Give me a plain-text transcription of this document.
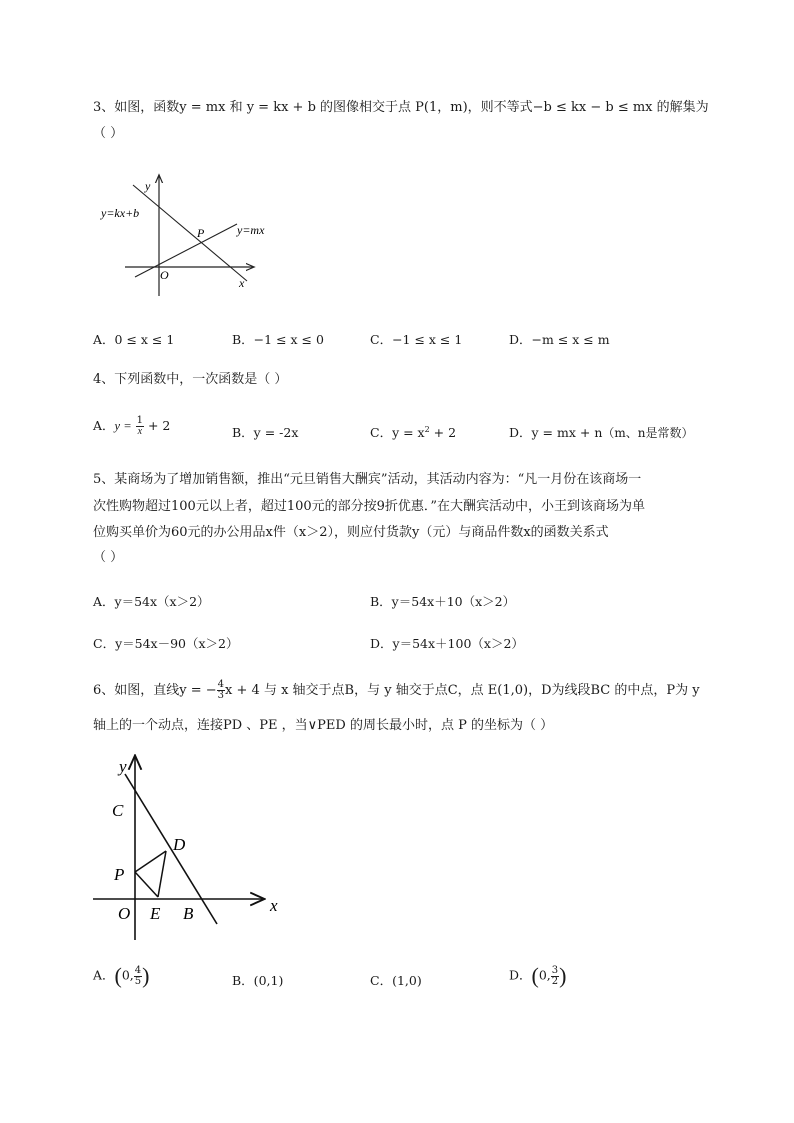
3、如图，函数y = mx 和 y = kx + b 的图像相交于点 P(1，m)，则不等式−b ≤ kx − b ≤ mx 的解集为
（ ）
y
x
O
P
y=kx+b
y=mx
A．0 ≤ x ≤ 1	B．−1 ≤ x ≤ 0	C．−1 ≤ x ≤ 1	D．−m ≤ x ≤ m
4、下列函数中，一次函数是（ ）
A．$y = \frac{1}{x} + 2$	B．y = -2x	C．$y = x^2 + 2$	D．y = mx + n（m、n是常数）
5、某商场为了增加销售额，推出“元旦销售大酬宾”活动，其活动内容为：“凡一月份在该商场一
次性购物超过100元以上者，超过100元的部分按9折优惠．”在大酬宾活动中，小王到该商场为单
位购买单价为60元的办公用品x件（x＞2），则应付货款y（元）与商品件数x的函数关系式
（ ）
A．y＝54x（x＞2）	B．y＝54x＋10（x＞2）
C．y＝54x－90（x＞2）	D．y＝54x＋100（x＞2）
6、如图，直线y = − $\frac{4}{3}$ x + 4 与 x 轴交于点B，与 y 轴交于点C，点 E(1,0)，D为线段BC 的中点，P为 y
轴上的一个动点，连接PD 、PE ，当∨PED 的周长最小时，点 P 的坐标为（ ）
y
x
C
D
P
O E B
A．(0, $\frac{4}{5}$ )	B．(0,1)	C．(1,0)	D．(0, $\frac{3}{2}$ )
